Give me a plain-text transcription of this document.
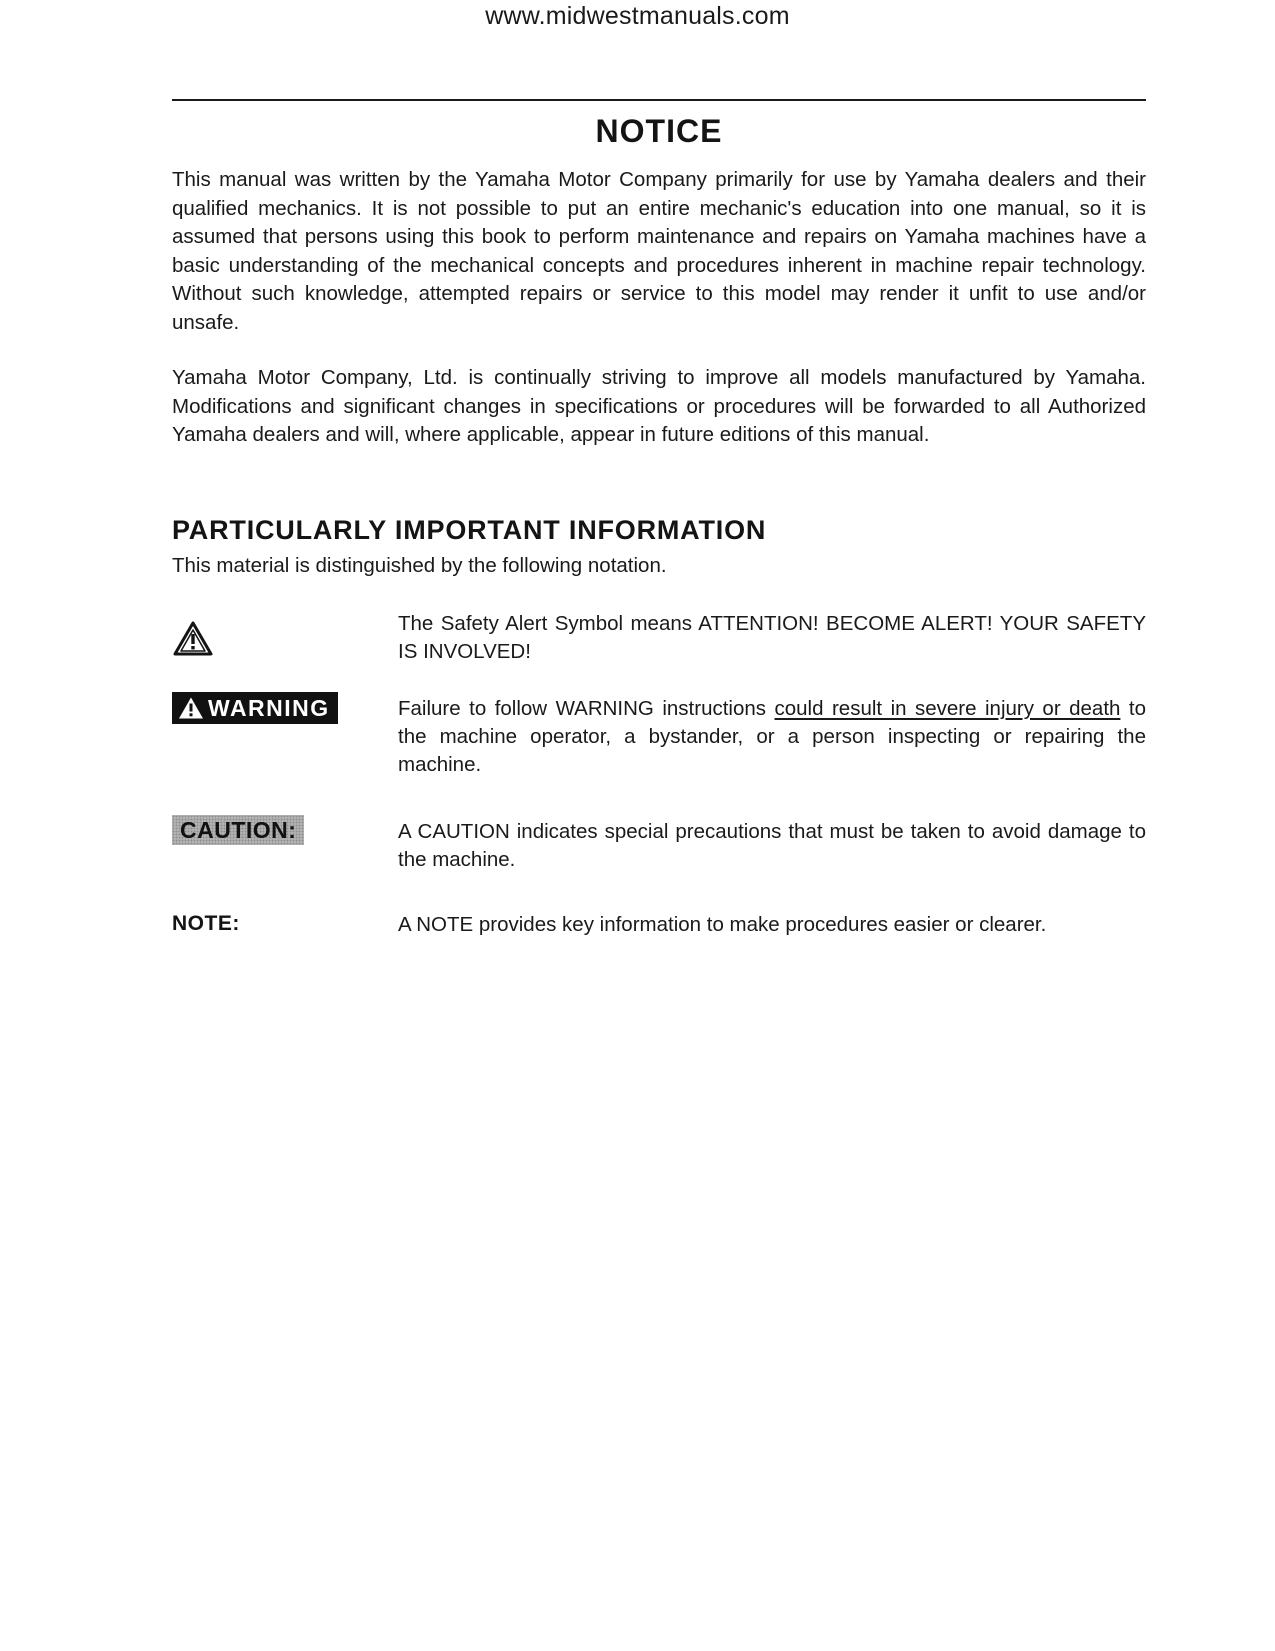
www.midwestmanuals.com
NOTICE
This manual was written by the Yamaha Motor Company primarily for use by Yamaha dealers and their qualified mechanics. It is not possible to put an entire mechanic's education into one manual, so it is assumed that persons using this book to perform maintenance and repairs on Yamaha machines have a basic understanding of the mechanical concepts and procedures inherent in machine repair technology. Without such knowledge, attempted repairs or service to this model may render it unfit to use and/or unsafe.
Yamaha Motor Company, Ltd. is continually striving to improve all models manufactured by Yamaha. Modifications and significant changes in specifications or procedures will be forwarded to all Authorized Yamaha dealers and will, where applicable, appear in future editions of this manual.
PARTICULARLY IMPORTANT INFORMATION
This material is distinguished by the following notation.
The Safety Alert Symbol means ATTENTION! BECOME ALERT! YOUR SAFETY IS INVOLVED!
WARNING	Failure to follow WARNING instructions could result in severe injury or death to the machine operator, a bystander, or a person inspecting or repairing the machine.
CAUTION:	A CAUTION indicates special precautions that must be taken to avoid damage to the machine.
NOTE:	A NOTE provides key information to make procedures easier or clearer.
